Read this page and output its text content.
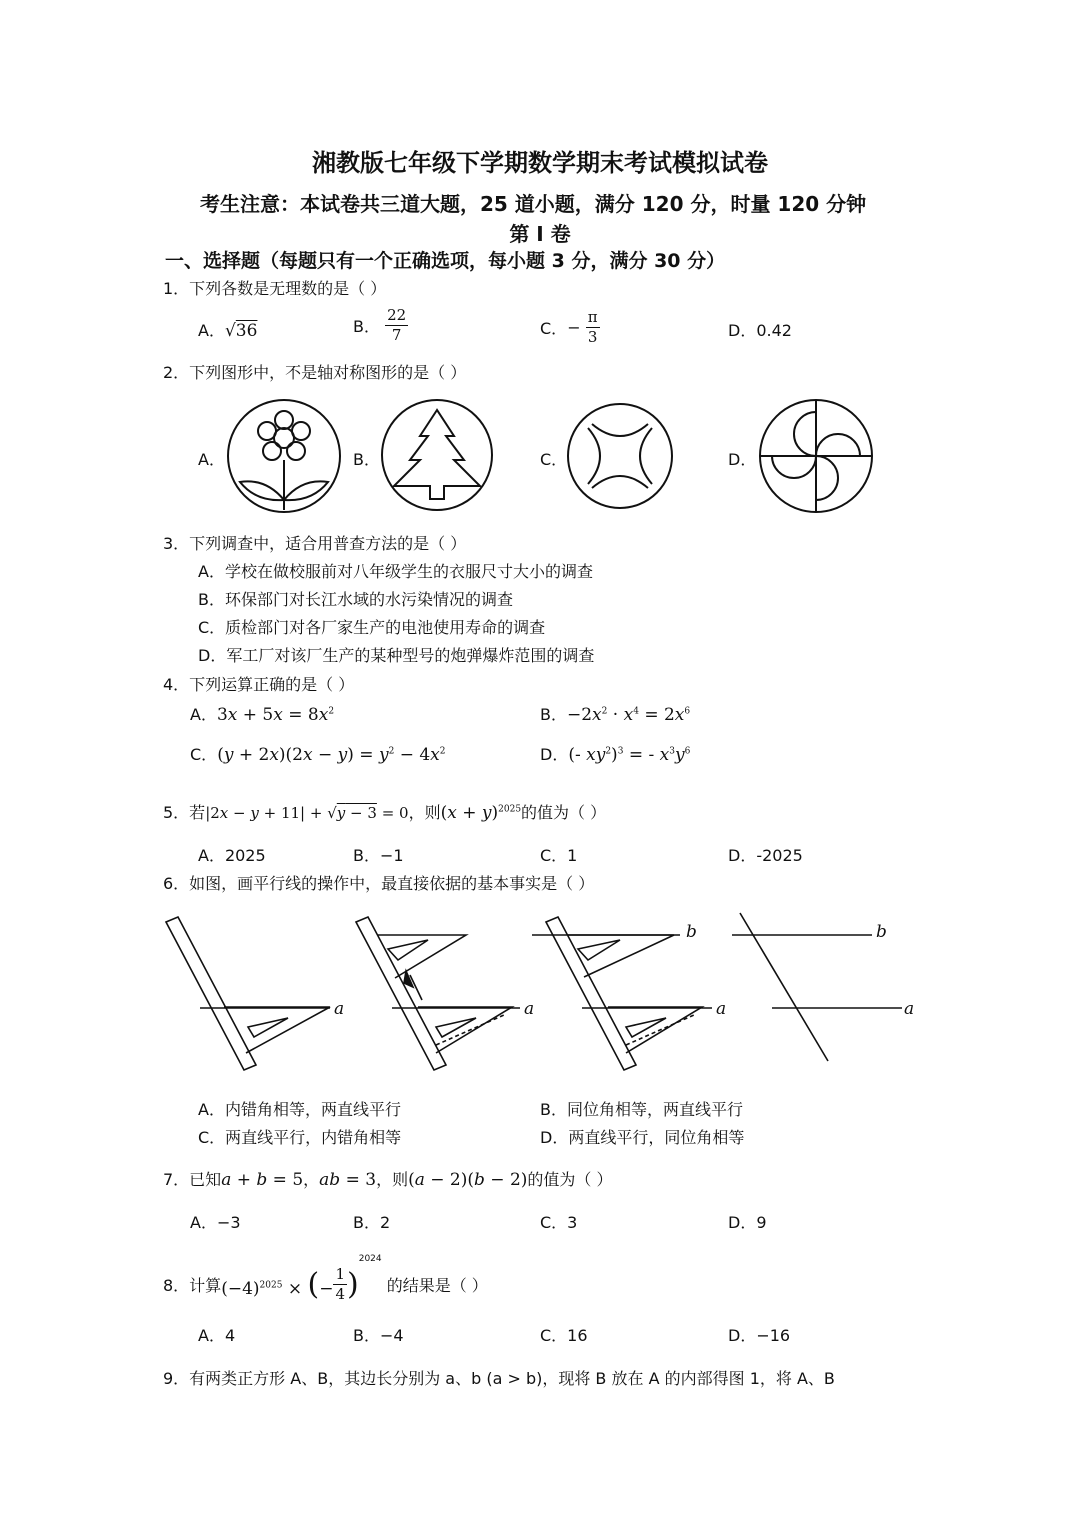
湘教版七年级下学期数学期末考试模拟试卷
考生注意：本试卷共三道大题，25 道小题，满分 120 分，时量 120 分钟
第 I 卷
一、选择题（每题只有一个正确选项，每小题 3 分，满分 30 分）
1．下列各数是无理数的是（ ）
A．√36	B． $\frac{22}{7}$	C．− $\frac{\pi}{3}$	D．0.42
2．下列图形中，不是轴对称图形的是（ ）
A．	B．	C．	D．
3．下列调查中，适合用普查方法的是（ ）
A．学校在做校服前对八年级学生的衣服尺寸大小的调查
B．环保部门对长江水域的水污染情况的调查
C．质检部门对各厂家生产的电池使用寿命的调查
D．军工厂对该厂生产的某种型号的炮弹爆炸范围的调查
4．下列运算正确的是（ ）
A．$3x + 5x = 8x^2$	B．$-2x^2 \cdot x^4 = 2x^6$
C．$(y + 2x)(2x - y) = y^2 - 4x^2$	D．(- $xy^2)^3$ = - $x^3y^6$
5．若|2x − y + 11| + √y − 3 = 0，则$(x + y)^{2025}$的值为（ ）
A．2025	B．−1	C．1	D．-2025
6．如图，画平行线的操作中，最直接依据的基本事实是（ ）
a	a
b
a
b
a
A．内错角相等，两直线平行	B．同位角相等，两直线平行
C．两直线平行，内错角相等	D．两直线平行，同位角相等
7．已知a + b = 5，ab = 3，则(a − 2)(b − 2)的值为（ ）
A．−3	B．2	C．3	D．9
8．计算$(-4)^{2025}$ × (− $\frac{1}{4} )^{2024}$ 的结果是（ ）
A．4	B．−4	C．16	D．−16
9．有两类正方形 A、B，其边长分别为 a、b (a > b)，现将 B 放在 A 的内部得图 1，将 A、B
